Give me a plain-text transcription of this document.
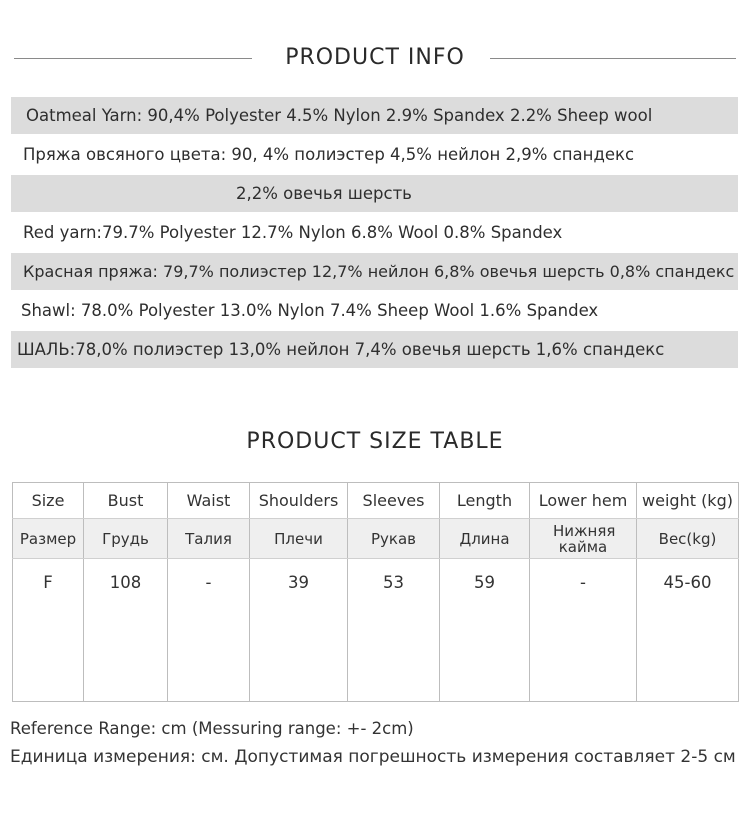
PRODUCT INFO
Oatmeal Yarn: 90,4% Polyester 4.5% Nylon 2.9% Spandex 2.2% Sheep wool
Пряжа овсяного цвета: 90, 4% полиэстер 4,5% нейлон 2,9% спандекс
2,2% овечья шерсть
Red yarn:79.7% Polyester 12.7% Nylon 6.8% Wool 0.8% Spandex
Красная пряжа: 79,7% полиэстер 12,7% нейлон 6,8% овечья шерсть 0,8% спандекс
Shawl: 78.0% Polyester 13.0% Nylon 7.4% Sheep Wool 1.6% Spandex
ШАЛЬ:78,0% полиэстер 13,0% нейлон 7,4% овечья шерсть 1,6% спандекс
PRODUCT SIZE TABLE
Size	Bust	Waist	Shoulders	Sleeves	Length	Lower hem	weight (kg)
Размер	Грудь	Талия	Плечи	Рукав	Длина	Нижняя кайма	Вес(kg)
F	108	-	39	53	59	-	45-60
Reference Range: cm (Messuring range: +- 2cm)
Единица измерения: см. Допустимая погрешность измерения составляет 2-5 см
